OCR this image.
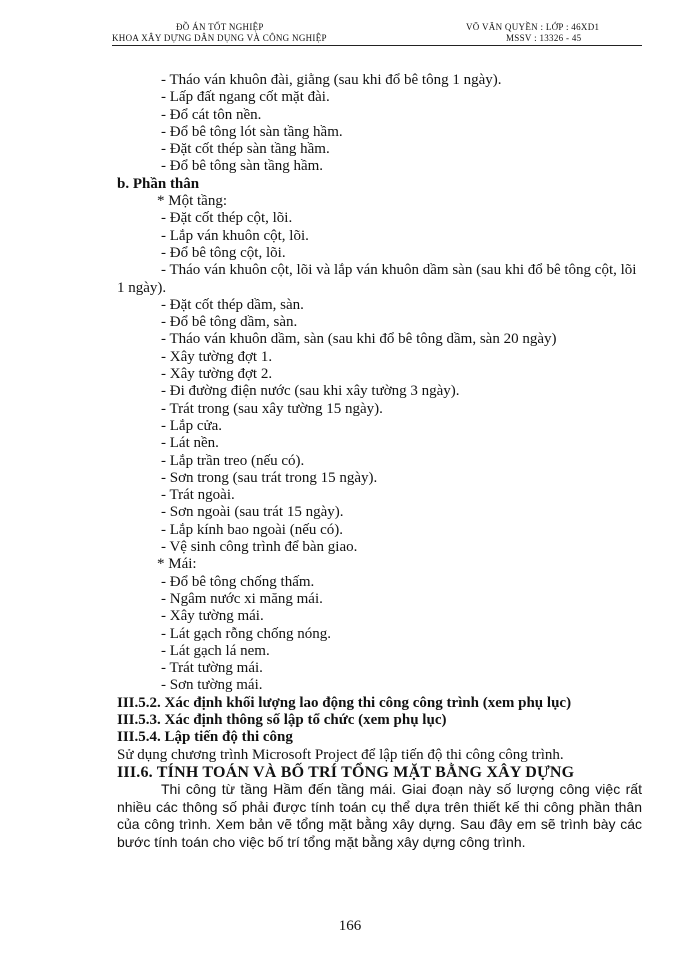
ĐỒ ÁN TỐT NGHIỆP
KHOA XÂY DỰNG DÂN DỤNG VÀ CÔNG NGHIỆP
VÕ VĂN QUYỀN : LỚP : 46XD1
MSSV : 13326 - 45

- Tháo ván khuôn đài, giằng (sau khi đổ bê tông 1 ngày).

- Lấp đất ngang cốt mặt đài.

- Đổ cát tôn nền.

- Đổ bê tông lót sàn tầng hầm.

- Đặt cốt thép sàn tầng hầm.

- Đổ bê tông sàn tầng hầm.

b. Phần thân

* Một tầng:

- Đặt cốt thép cột, lõi.

- Lắp ván khuôn cột, lõi.

- Đổ bê tông cột, lõi.

- Tháo ván khuôn cột, lõi và lắp ván khuôn dầm sàn (sau khi đổ bê tông cột, lõi 1 ngày).

- Đặt cốt thép dầm, sàn.

- Đổ bê tông dầm, sàn.

- Tháo ván khuôn dầm, sàn (sau khi đổ bê tông dầm, sàn 20 ngày)

- Xây tường đợt 1.

- Xây tường đợt 2.

- Đi đường điện nước (sau khi xây tường 3 ngày).

- Trát trong (sau xây tường 15 ngày).

- Lắp cửa.

- Lát nền.

- Lắp trần treo (nếu có).

- Sơn trong (sau trát trong 15 ngày).

- Trát ngoài.

- Sơn ngoài (sau trát 15 ngày).

- Lắp kính bao ngoài (nếu có).

- Vệ sinh công trình để bàn giao.

* Mái:

- Đổ bê tông chống thấm.

- Ngâm nước xi măng mái.

- Xây tường mái.

- Lát gạch rỗng chống nóng.

- Lát gạch lá nem.

- Trát tường mái.

- Sơn tường mái.

III.5.2. Xác định khối lượng lao động thi công công trình (xem phụ lục)

III.5.3. Xác định thông số lập tổ chức (xem phụ lục)

III.5.4. Lập tiến độ thi công

Sử dụng chương trình Microsoft Project để lập tiến độ thi công công trình.

III.6. TÍNH TOÁN VÀ BỐ TRÍ TỔNG MẶT BẰNG XÂY DỰNG

Thi công từ tầng Hầm đến tầng mái. Giai đoạn này số lượng công việc rất nhiều các thông số phải được tính toán cụ thể dựa trên thiết kế thi công phần thân của công trình. Xem bản vẽ tổng mặt bằng xây dựng. Sau đây em sẽ trình bày các bước tính toán cho việc bố trí tổng mặt bằng xây dựng công trình.

166
